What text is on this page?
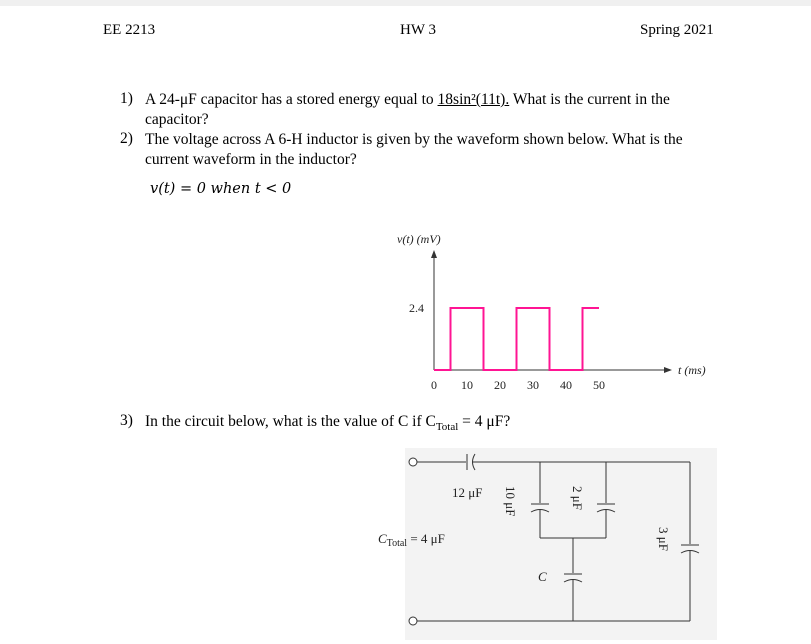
EE 2213	HW 3	Spring 2021
1) A 24-μF capacitor has a stored energy equal to 18sin²(11t). What is the current in the
capacitor?
2) The voltage across A 6-H inductor is given by the waveform shown below. What is the
current waveform in the inductor?
v(t) = 0 when t < 0
3) In the circuit below, what is the value of C if $C_{Total} = 4$ μF?
v(t) (mV)
t (ms)
2.4
0 10 20 30 40 50
12 μF 10 μF	2 μF
3 μF
C
$C_{Total} = 4$ μF
